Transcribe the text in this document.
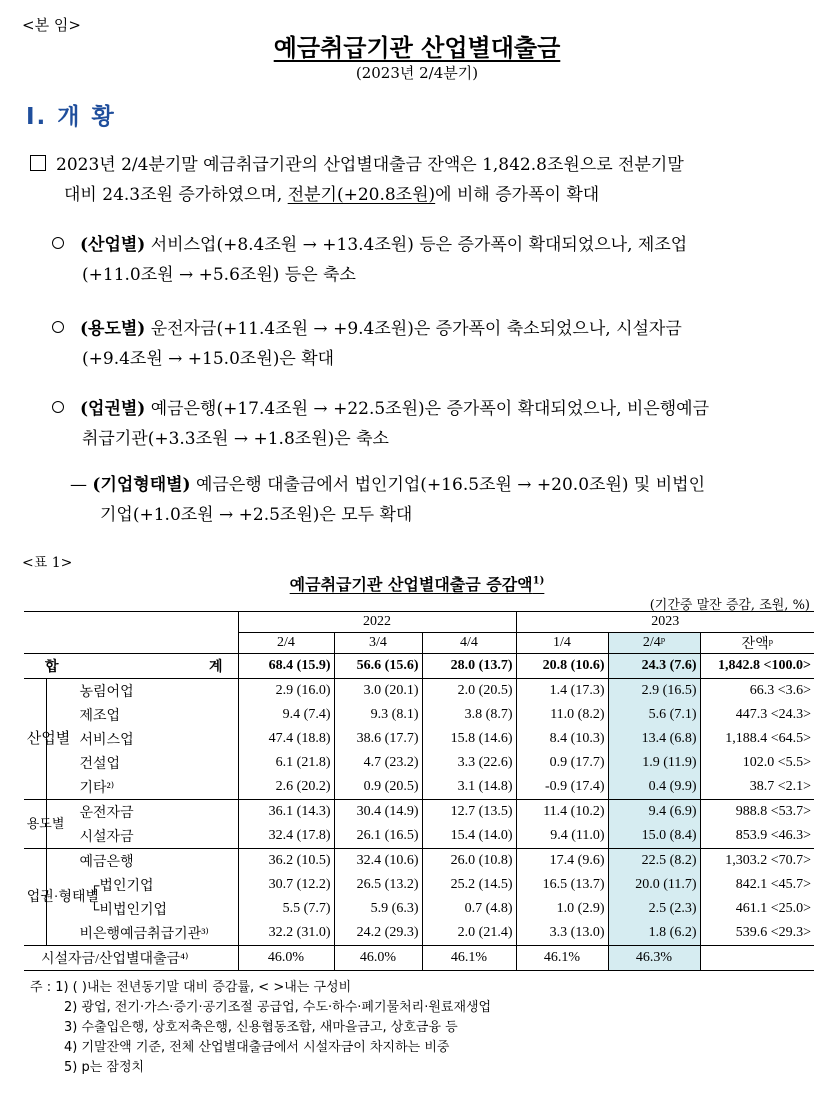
<본 임>
예금취급기관 산업별대출금
(2023년 2/4분기)
Ⅰ. 개 황
2023년 2/4분기말 예금취급기관의 산업별대출금 잔액은 1,842.8조원으로 전분기말
대비 24.3조원 증가하였으며, 전분기(+20.8조원)에 비해 증가폭이 확대
(산업별) 서비스업(+8.4조원 → +13.4조원) 등은 증가폭이 확대되었으나, 제조업
(+11.0조원 → +5.6조원) 등은 축소
(용도별) 운전자금(+11.4조원 → +9.4조원)은 증가폭이 축소되었으나, 시설자금
(+9.4조원 → +15.0조원)은 확대
(업권별) 예금은행(+17.4조원 → +22.5조원)은 증가폭이 확대되었으나, 비은행예금
취급기관(+3.3조원 → +1.8조원)은 축소
— (기업형태별) 예금은행 대출금에서 법인기업(+16.5조원 → +20.0조원) 및 비법인
기업(+1.0조원 → +2.5조원)은 모두 확대
<표 1>
예금취급기관 산업별대출금 증감액$^{1)}$
(기간중 말잔 증감, 조원, %)
		2022			2023		
		2/4	3/4	4/4	1/4	2/4ᵖ	잔액ᵖ

합 계		68.4 (15.9)	56.6 (15.6)	28.0 (13.7)	20.8 (10.6)	24.3 (7.6)	1,842.8 <100.0>

산업별	농림어업	2.9 (16.0)	3.0 (20.1)	2.0 (20.5)	1.4 (17.3)	2.9 (16.5)	66.3 <3.6>

	제조업	9.4 (7.4)	9.3 (8.1)	3.8 (8.7)	11.0 (8.2)	5.6 (7.1)	447.3 <24.3>

	서비스업	47.4 (18.8)	38.6 (17.7)	15.8 (14.6)	8.4 (10.3)	13.4 (6.8)	1,188.4 <64.5>

	건설업	6.1 (21.8)	4.7 (23.2)	3.3 (22.6)	0.9 (17.7)	1.9 (11.9)	102.0 <5.5>

	기타²⁾	2.6 (20.2)	0.9 (20.5)	3.1 (14.8)	-0.9 (17.4)	0.4 (9.9)	38.7 <2.1>

용도별	운전자금	36.1 (14.3)	30.4 (14.9)	12.7 (13.5)	11.4 (10.2)	9.4 (6.9)	988.8 <53.7>

	시설자금	32.4 (17.8)	26.1 (16.5)	15.4 (14.0)	9.4 (11.0)	15.0 (8.4)	853.9 <46.3>

업권·형태별	예금은행	36.2 (10.5)	32.4 (10.6)	26.0 (10.8)	17.4 (9.6)	22.5 (8.2)	1,303.2 <70.7>

	┌법인기업	30.7 (12.2)	26.5 (13.2)	25.2 (14.5)	16.5 (13.7)	20.0 (11.7)	842.1 <45.7>

	└비법인기업	5.5 (7.7)	5.9 (6.3)	0.7 (4.8)	1.0 (2.9)	2.5 (2.3)	461.1 <25.0>

	비은행예금취급기관³⁾	32.2 (31.0)	24.2 (29.3)	2.0 (21.4)	3.3 (13.0)	1.8 (6.2)	539.6 <29.3>

시설자금/산업별대출금⁴⁾		46.0%	46.0%	46.1%	46.1%	46.3%	
주 : 1) ( )내는 전년동기말 대비 증감률, < >내는 구성비
2) 광업, 전기·가스·증기·공기조절 공급업, 수도·하수·폐기물처리·원료재생업
3) 수출입은행, 상호저축은행, 신용협동조합, 새마을금고, 상호금융 등
4) 기말잔액 기준, 전체 산업별대출금에서 시설자금이 차지하는 비중
5) p는 잠정치
